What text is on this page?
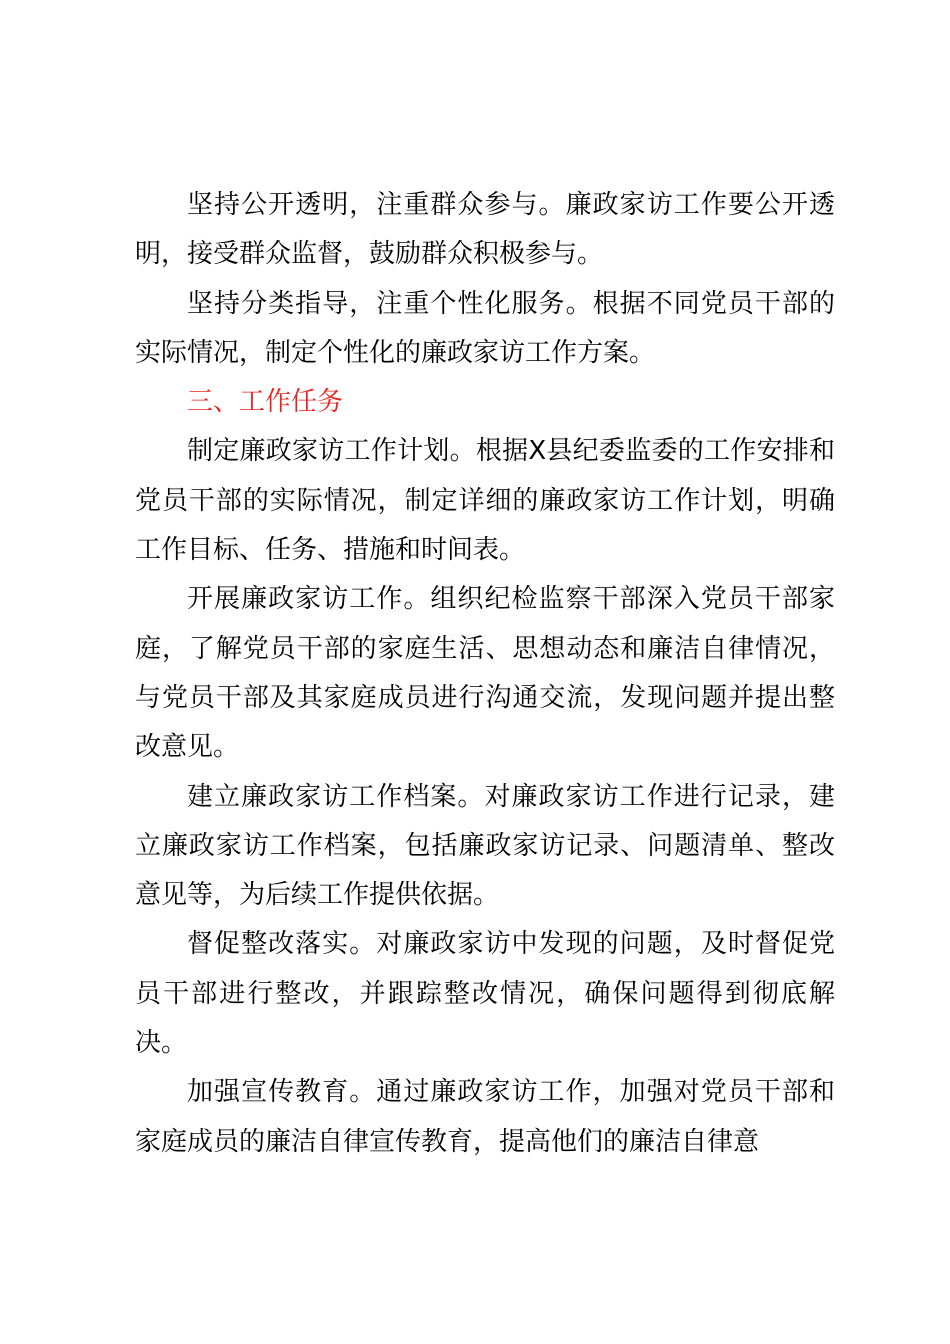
坚持公开透明，注重群众参与。廉政家访工作要公开透明，接受群众监督，鼓励群众积极参与。

坚持分类指导，注重个性化服务。根据不同党员干部的实际情况，制定个性化的廉政家访工作方案。

三、工作任务

制定廉政家访工作计划。根据X县纪委监委的工作安排和党员干部的实际情况，制定详细的廉政家访工作计划，明确工作目标、任务、措施和时间表。

开展廉政家访工作。组织纪检监察干部深入党员干部家庭，了解党员干部的家庭生活、思想动态和廉洁自律情况，与党员干部及其家庭成员进行沟通交流，发现问题并提出整改意见。

建立廉政家访工作档案。对廉政家访工作进行记录，建立廉政家访工作档案，包括廉政家访记录、问题清单、整改意见等，为后续工作提供依据。

督促整改落实。对廉政家访中发现的问题，及时督促党员干部进行整改，并跟踪整改情况，确保问题得到彻底解决。

加强宣传教育。通过廉政家访工作，加强对党员干部和家庭成员的廉洁自律宣传教育，提高他们的廉洁自律意
